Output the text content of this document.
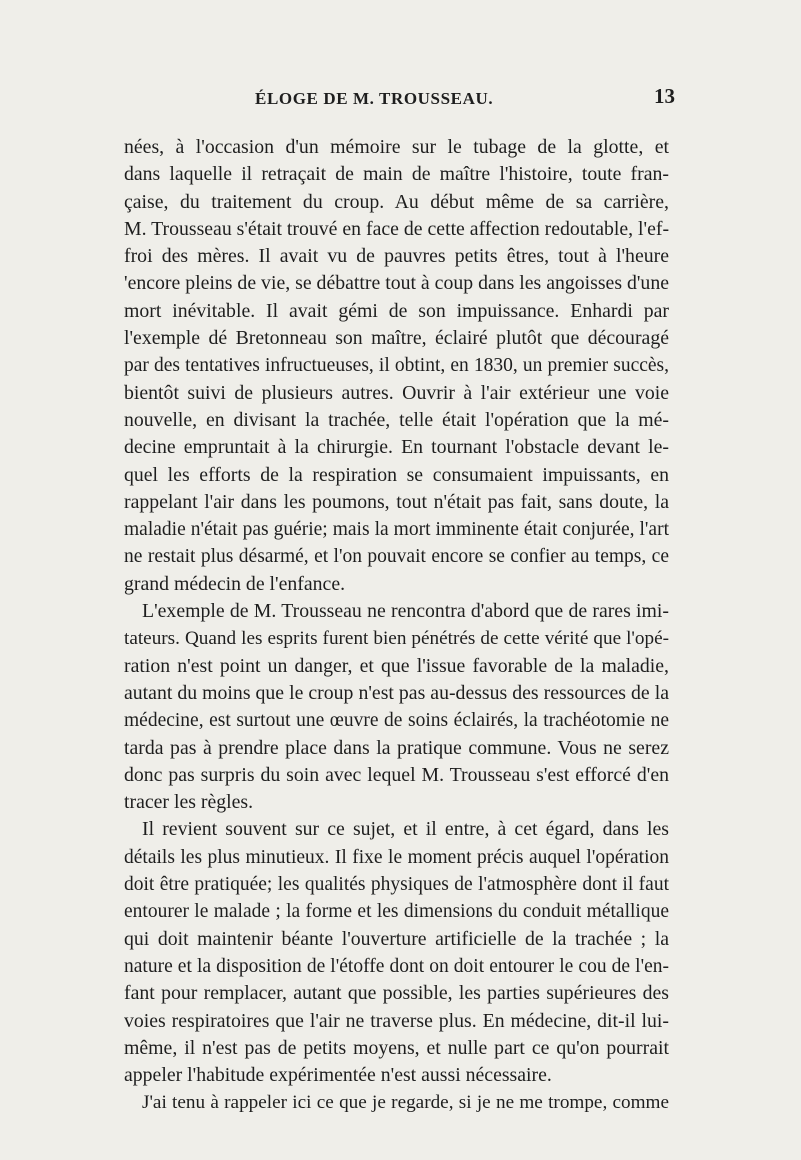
ÉLOGE DE M. TROUSSEAU.	13
nées, à l'occasion d'un mémoire sur le tubage de la glotte, et
dans laquelle il retraçait de main de maître l'histoire, toute fran-
çaise, du traitement du croup. Au début même de sa carrière,
M. Trousseau s'était trouvé en face de cette affection redoutable, l'ef-
froi des mères. Il avait vu de pauvres petits êtres, tout à l'heure
'encore pleins de vie, se débattre tout à coup dans les angoisses d'une
mort inévitable. Il avait gémi de son impuissance. Enhardi par
l'exemple dé Bretonneau son maître, éclairé plutôt que découragé
par des tentatives infructueuses, il obtint, en 1830, un premier succès,
bientôt suivi de plusieurs autres. Ouvrir à l'air extérieur une voie
nouvelle, en divisant la trachée, telle était l'opération que la mé-
decine empruntait à la chirurgie. En tournant l'obstacle devant le-
quel les efforts de la respiration se consumaient impuissants, en
rappelant l'air dans les poumons, tout n'était pas fait, sans doute, la
maladie n'était pas guérie; mais la mort imminente était conjurée, l'art
ne restait plus désarmé, et l'on pouvait encore se confier au temps, ce
grand médecin de l'enfance.
L'exemple de M. Trousseau ne rencontra d'abord que de rares imi-
tateurs. Quand les esprits furent bien pénétrés de cette vérité que l'opé-
ration n'est point un danger, et que l'issue favorable de la maladie,
autant du moins que le croup n'est pas au-dessus des ressources de la
médecine, est surtout une œuvre de soins éclairés, la trachéotomie ne
tarda pas à prendre place dans la pratique commune. Vous ne serez
donc pas surpris du soin avec lequel M. Trousseau s'est efforcé d'en
tracer les règles.
Il revient souvent sur ce sujet, et il entre, à cet égard, dans les
détails les plus minutieux. Il fixe le moment précis auquel l'opération
doit être pratiquée; les qualités physiques de l'atmosphère dont il faut
entourer le malade ; la forme et les dimensions du conduit métallique
qui doit maintenir béante l'ouverture artificielle de la trachée ; la
nature et la disposition de l'étoffe dont on doit entourer le cou de l'en-
fant pour remplacer, autant que possible, les parties supérieures des
voies respiratoires que l'air ne traverse plus. En médecine, dit-il lui-
même, il n'est pas de petits moyens, et nulle part ce qu'on pourrait
appeler l'habitude expérimentée n'est aussi nécessaire.
J'ai tenu à rappeler ici ce que je regarde, si je ne me trompe, comme
